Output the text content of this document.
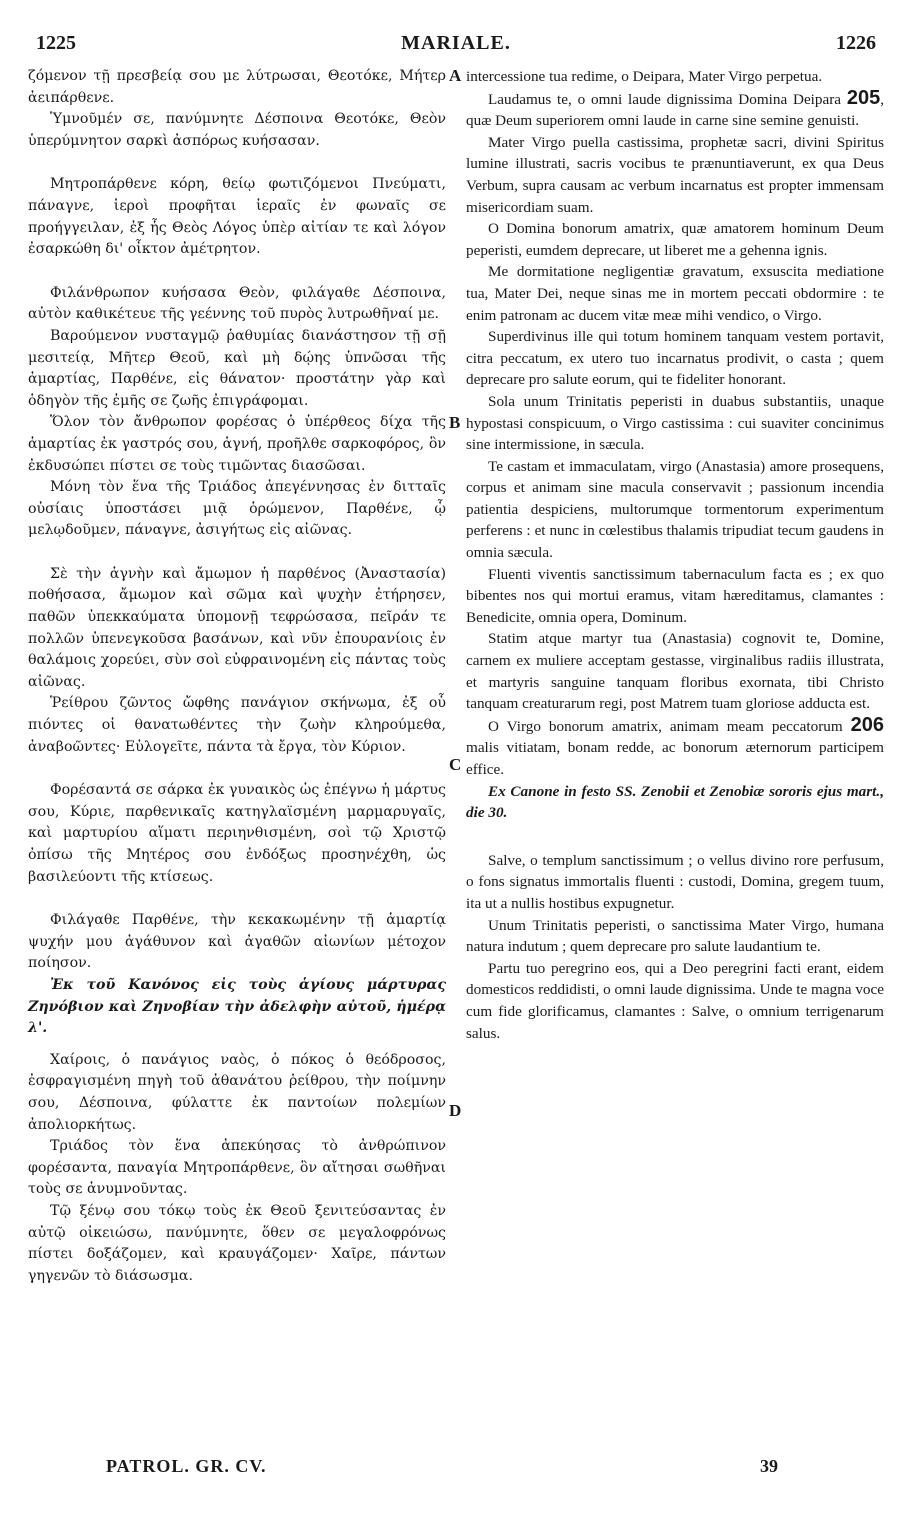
1225	MARIALE.	1226
A
B
C
D

ζόμενον τῇ πρεσβείᾳ σου με λύτρωσαι, Θεοτόκε, Μήτερ ἀειπάρθενε.

Ὑμνοῦμέν σε, πανύμνητε Δέσποινα Θεοτόκε, Θεὸν ὑπερύμνητον σαρκὶ ἀσπόρως κυήσασαν.

Μητροπάρθενε κόρη, θείῳ φωτιζόμενοι Πνεύματι, πάναγνε, ἱεροὶ προφῆται ἱεραῖς ἐν φωναῖς σε προήγγειλαν, ἐξ ἧς Θεὸς Λόγος ὑπὲρ αἰτίαν τε καὶ λόγον ἐσαρκώθη δι' οἶκτον ἀμέτρητον.

Φιλάνθρωπον κυήσασα Θεὸν, φιλάγαθε Δέσποινα, αὐτὸν καθικέτευε τῆς γεέννης τοῦ πυρὸς λυτρωθῆναί με.

Βαρούμενον νυσταγμῷ ῥαθυμίας διανάστησον τῇ σῇ μεσιτείᾳ, Μῆτερ Θεοῦ, καὶ μὴ δῴης ὑπνῶσαι τῆς ἁμαρτίας, Παρθένε, εἰς θάνατον· προστάτην γὰρ καὶ ὁδηγὸν τῆς ἐμῆς σε ζωῆς ἐπιγράφομαι.

Ὅλον τὸν ἄνθρωπον φορέσας ὁ ὑπέρθεος δίχα τῆς ἁμαρτίας ἐκ γαστρός σου, ἁγνή, προῆλθε σαρκοφόρος, ὃν ἐκδυσώπει πίστει σε τοὺς τιμῶντας διασῶσαι.

Μόνη τὸν ἕνα τῆς Τριάδος ἀπεγέννησας ἐν διτταῖς οὐσίαις ὑποστάσει μιᾷ ὁρώμενον, Παρθένε, ᾧ μελῳδοῦμεν, πάναγνε, ἀσιγήτως εἰς αἰῶνας.

Σὲ τὴν ἁγνὴν καὶ ἄμωμον ἡ παρθένος (Ἀναστασία) ποθήσασα, ἄμωμον καὶ σῶμα καὶ ψυχὴν ἐτήρησεν, παθῶν ὑπεκκαύματα ὑπομονῇ τεφρώσασα, πεῖράν τε πολλῶν ὑπενεγκοῦσα βασάνων, καὶ νῦν ἐπουρανίοις ἐν θαλάμοις χορεύει, σὺν σοὶ εὐφραινομένη εἰς πάντας τοὺς αἰῶνας.

Ῥείθρου ζῶντος ὤφθης πανάγιον σκήνωμα, ἐξ οὗ πιόντες οἱ θανατωθέντες τὴν ζωὴν κληρούμεθα, ἀναβοῶντες· Εὐλογεῖτε, πάντα τὰ ἔργα, τὸν Κύριον.

Φορέσαντά σε σάρκα ἐκ γυναικὸς ὡς ἐπέγνω ἡ μάρτυς σου, Κύριε, παρθενικαῖς κατηγλαϊσμένη μαρμαρυγαῖς, καὶ μαρτυρίου αἵματι περιηνθισμένη, σοὶ τῷ Χριστῷ ὀπίσω τῆς Μητέρος σου ἐνδόξως προσηνέχθη, ὡς βασιλεύοντι τῆς κτίσεως.

Φιλάγαθε Παρθένε, τὴν κεκακωμένην τῇ ἁμαρτίᾳ ψυχήν μου ἀγάθυνον καὶ ἀγαθῶν αἰωνίων μέτοχον ποίησον.

Ἐκ τοῦ Κανόνος εἰς τοὺς ἁγίους μάρτυρας Ζηνόβιον καὶ Ζηνοβίαν τὴν ἀδελφὴν αὐτοῦ, ἡμέρᾳ λ'.

Χαίροις, ὁ πανάγιος ναὸς, ὁ πόκος ὁ θεόδροσος, ἐσφραγισμένη πηγὴ τοῦ ἀθανάτου ῥείθρου, τὴν ποίμνην σου, Δέσποινα, φύλαττε ἐκ παντοίων πολεμίων ἀπολιορκήτως.

Τριάδος τὸν ἕνα ἀπεκύησας τὸ ἀνθρώπινον φορέσαντα, παναγία Μητροπάρθενε, ὃν αἴτησαι σωθῆναι τοὺς σε ἀνυμνοῦντας.

Τῷ ξένῳ σου τόκῳ τοὺς ἐκ Θεοῦ ξενιτεύσαντας ἐν αὐτῷ οἰκειώσω, πανύμνητε, ὅθεν σε μεγαλοφρόνως πίστει δοξάζομεν, καὶ κραυγάζομεν· Χαῖρε, πάντων γηγενῶν τὸ διάσωσμα.

intercessione tua redime, o Deipara, Mater Virgo perpetua.

Laudamus te, o omni laude dignissima Domina Deipara 205, quæ Deum superiorem omni laude in carne sine semine genuisti.

Mater Virgo puella castissima, prophetæ sacri, divini Spiritus lumine illustrati, sacris vocibus te prænuntiaverunt, ex qua Deus Verbum, supra causam ac verbum incarnatus est propter immensam misericordiam suam.

O Domina bonorum amatrix, quæ amatorem hominum Deum peperisti, eumdem deprecare, ut liberet me a gehenna ignis.

Me dormitatione negligentiæ gravatum, exsuscita mediatione tua, Mater Dei, neque sinas me in mortem peccati obdormire : te enim patronam ac ducem vitæ meæ mihi vendico, o Virgo.

Superdivinus ille qui totum hominem tanquam vestem portavit, citra peccatum, ex utero tuo incarnatus prodivit, o casta ; quem deprecare pro salute eorum, qui te fideliter honorant.

Sola unum Trinitatis peperisti in duabus substantiis, unaque hypostasi conspicuum, o Virgo castissima : cui suaviter concinimus sine intermissione, in sæcula.

Te castam et immaculatam, virgo (Anastasia) amore prosequens, corpus et animam sine macula conservavit ; passionum incendia patientia despiciens, multorumque tormentorum experimentum perferens : et nunc in cœlestibus thalamis tripudiat tecum gaudens in omnia sæcula.

Fluenti viventis sanctissimum tabernaculum facta es ; ex quo bibentes nos qui mortui eramus, vitam hæreditamus, clamantes : Benedicite, omnia opera, Dominum.

Statim atque martyr tua (Anastasia) cognovit te, Domine, carnem ex muliere acceptam gestasse, virginalibus radiis illustrata, et martyris sanguine tanquam floribus exornata, tibi Christo tanquam creaturarum regi, post Matrem tuam gloriose adducta est.

O Virgo bonorum amatrix, animam meam peccatorum 206 malis vitiatam, bonam redde, ac bonorum æternorum participem effice.

Ex Canone in festo SS. Zenobii et Zenobiæ sororis ejus mart., die 30.

Salve, o templum sanctissimum ; o vellus divino rore perfusum, o fons signatus immortalis fluenti : custodi, Domina, gregem tuum, ita ut a nullis hostibus expugnetur.

Unum Trinitatis peperisti, o sanctissima Mater Virgo, humana natura indutum ; quem deprecare pro salute laudantium te.

Partu tuo peregrino eos, qui a Deo peregrini facti erant, eidem domesticos reddidisti, o omni laude dignissima. Unde te magna voce cum fide glorificamus, clamantes : Salve, o omnium terrigenarum salus.

PATROL. GR. CV.	39
